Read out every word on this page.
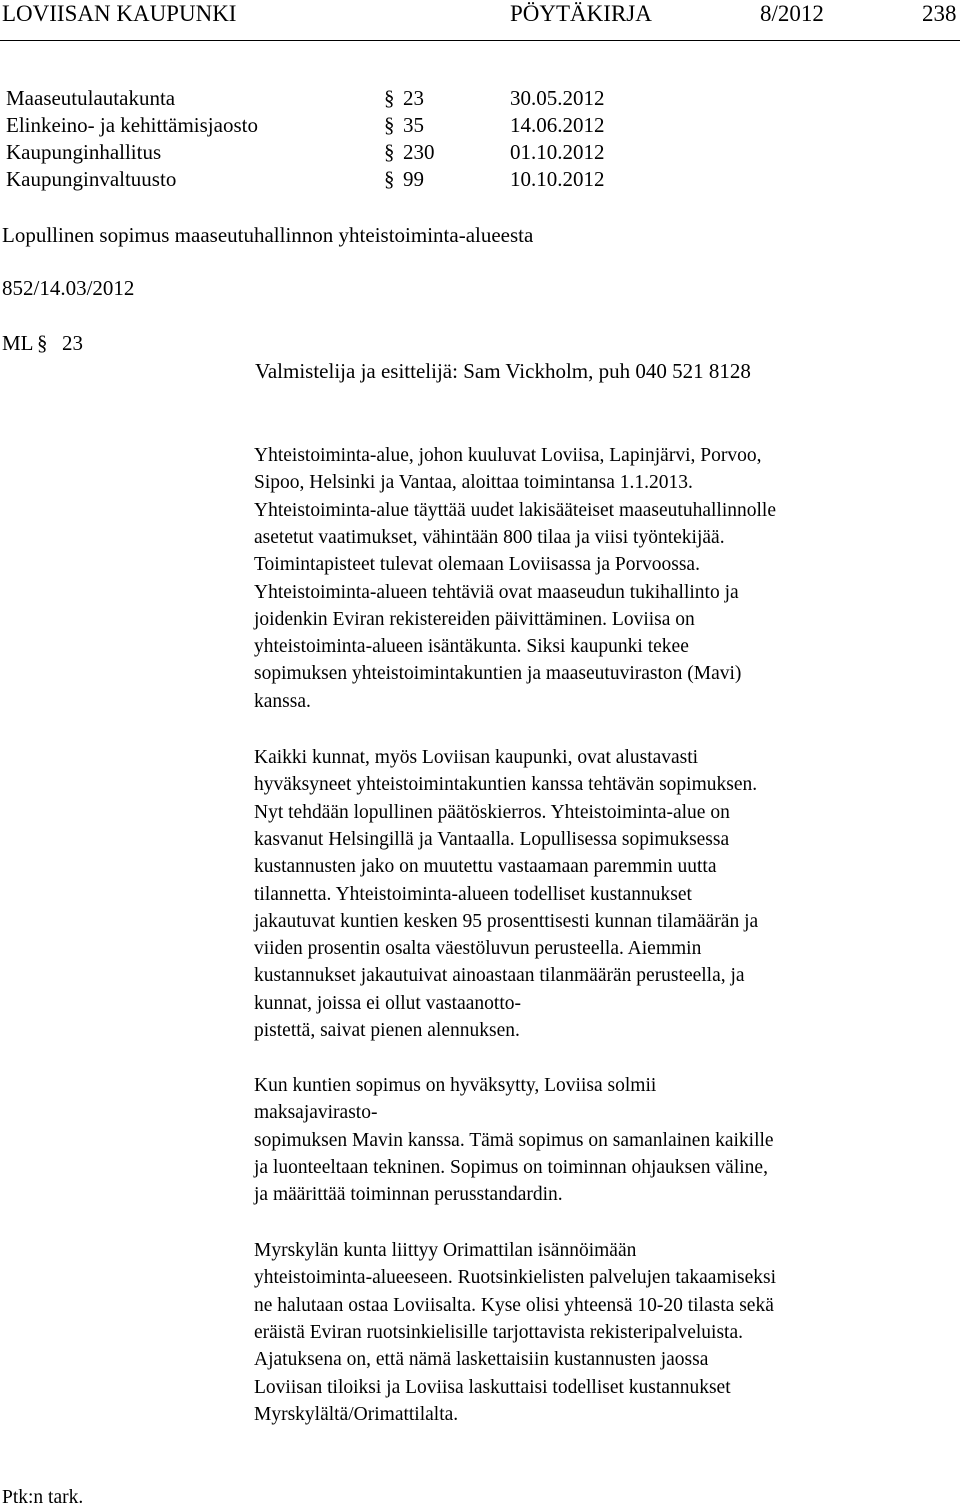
LOVIISAN KAUPUNKI	PÖYTÄKIRJA	8/2012	238
Maaseutulautakunta	§ 23	30.05.2012
Elinkeino- ja kehittämisjaosto	§ 35	14.06.2012
Kaupunginhallitus	§ 230	01.10.2012
Kaupunginvaltuusto	§ 99	10.10.2012
Lopullinen sopimus maaseutuhallinnon yhteistoiminta-alueesta
852/14.03/2012
ML § 23
Valmistelija ja esittelijä: Sam Vickholm, puh 040 521 8128
Yhteistoiminta-alue, johon kuuluvat Loviisa, Lapinjärvi, Porvoo,
Sipoo, Helsinki ja Vantaa, aloittaa toimintansa 1.1.2013.
Yhteistoiminta-alue täyttää uudet lakisääteiset maaseutuhallinnolle
asetetut vaatimukset, vähintään 800 tilaa ja viisi työntekijää.
Toimintapisteet tulevat olemaan Loviisassa ja Porvoossa.
Yhteistoiminta-alueen tehtäviä ovat maaseudun tukihallinto ja
joidenkin Eviran rekistereiden päivittäminen. Loviisa on
yhteistoiminta-alueen isäntäkunta. Siksi kaupunki tekee
sopimuksen yhteistoimintakuntien ja maaseutuviraston (Mavi)
kanssa.
Kaikki kunnat, myös Loviisan kaupunki, ovat alustavasti
hyväksyneet yhteistoimintakuntien kanssa tehtävän sopimuksen.
Nyt tehdään lopullinen päätöskierros. Yhteistoiminta-alue on
kasvanut Helsingillä ja Vantaalla. Lopullisessa sopimuksessa
kustannusten jako on muutettu vastaamaan paremmin uutta
tilannetta. Yhteistoiminta-alueen todelliset kustannukset
jakautuvat kuntien kesken 95 prosenttisesti kunnan tilamäärän ja
viiden prosentin osalta väestöluvun perusteella. Aiemmin
kustannukset jakautuivat ainoastaan tilanmäärän perusteella, ja
kunnat, joissa ei ollut vastaanotto-
pistettä, saivat pienen alennuksen.
Kun kuntien sopimus on hyväksytty, Loviisa solmii
maksajavirasto-
sopimuksen Mavin kanssa. Tämä sopimus on samanlainen kaikille
ja luonteeltaan tekninen. Sopimus on toiminnan ohjauksen väline,
ja määrittää toiminnan perusstandardin.
Myrskylän kunta liittyy Orimattilan isännöimään
yhteistoiminta-alueeseen. Ruotsinkielisten palvelujen takaamiseksi
ne halutaan ostaa Loviisalta. Kyse olisi yhteensä 10-20 tilasta sekä
eräistä Eviran ruotsinkielisille tarjottavista rekisteripalveluista.
Ajatuksena on, että nämä laskettaisiin kustannusten jaossa
Loviisan tiloiksi ja Loviisa laskuttaisi todelliset kustannukset
Myrskylältä/Orimattilalta.
Ptk:n tark.
